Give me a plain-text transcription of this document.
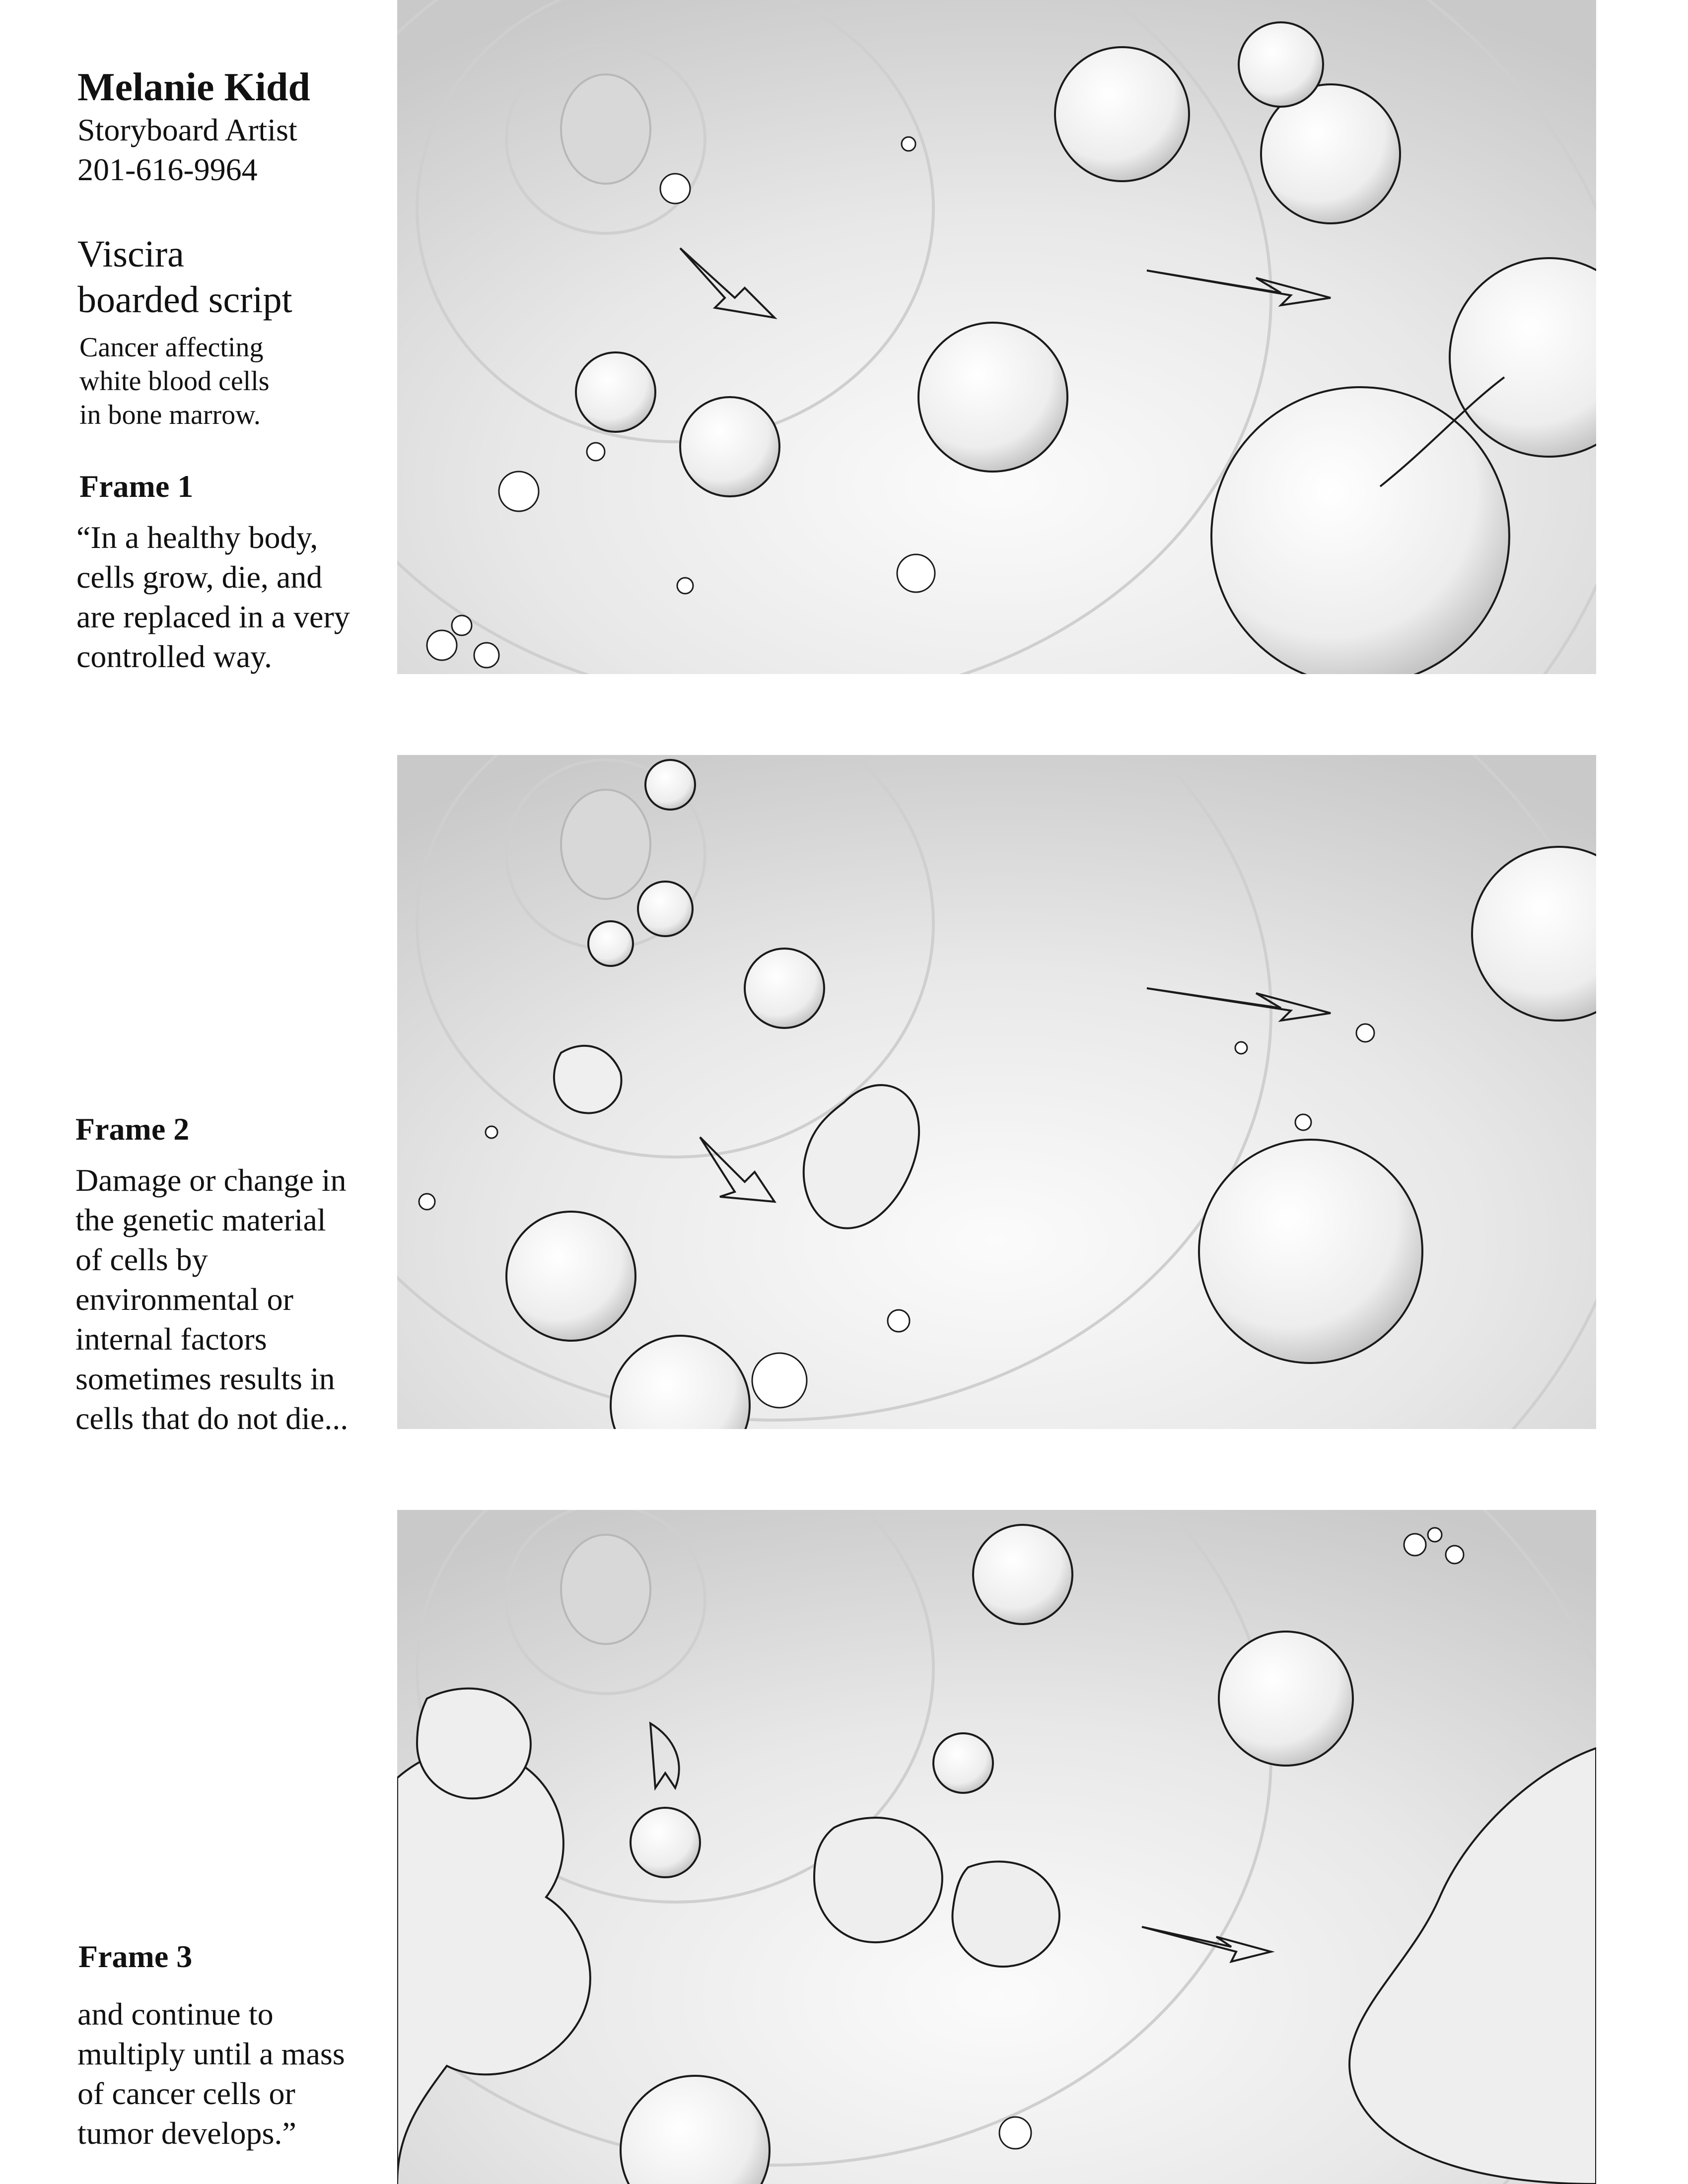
Melanie Kidd
Storyboard Artist
201-616-9964
Viscira
boarded script
Cancer affecting
white blood cells
in bone marrow.
Frame 1
“In a healthy body,
cells grow, die, and
are replaced in a very
controlled way.
Frame 2
Damage or change in
the genetic material
of cells by
environmental or
internal factors
sometimes results in
cells that do not die...
Frame 3
and continue to
multiply until a mass
of cancer cells or
tumor develops.”
